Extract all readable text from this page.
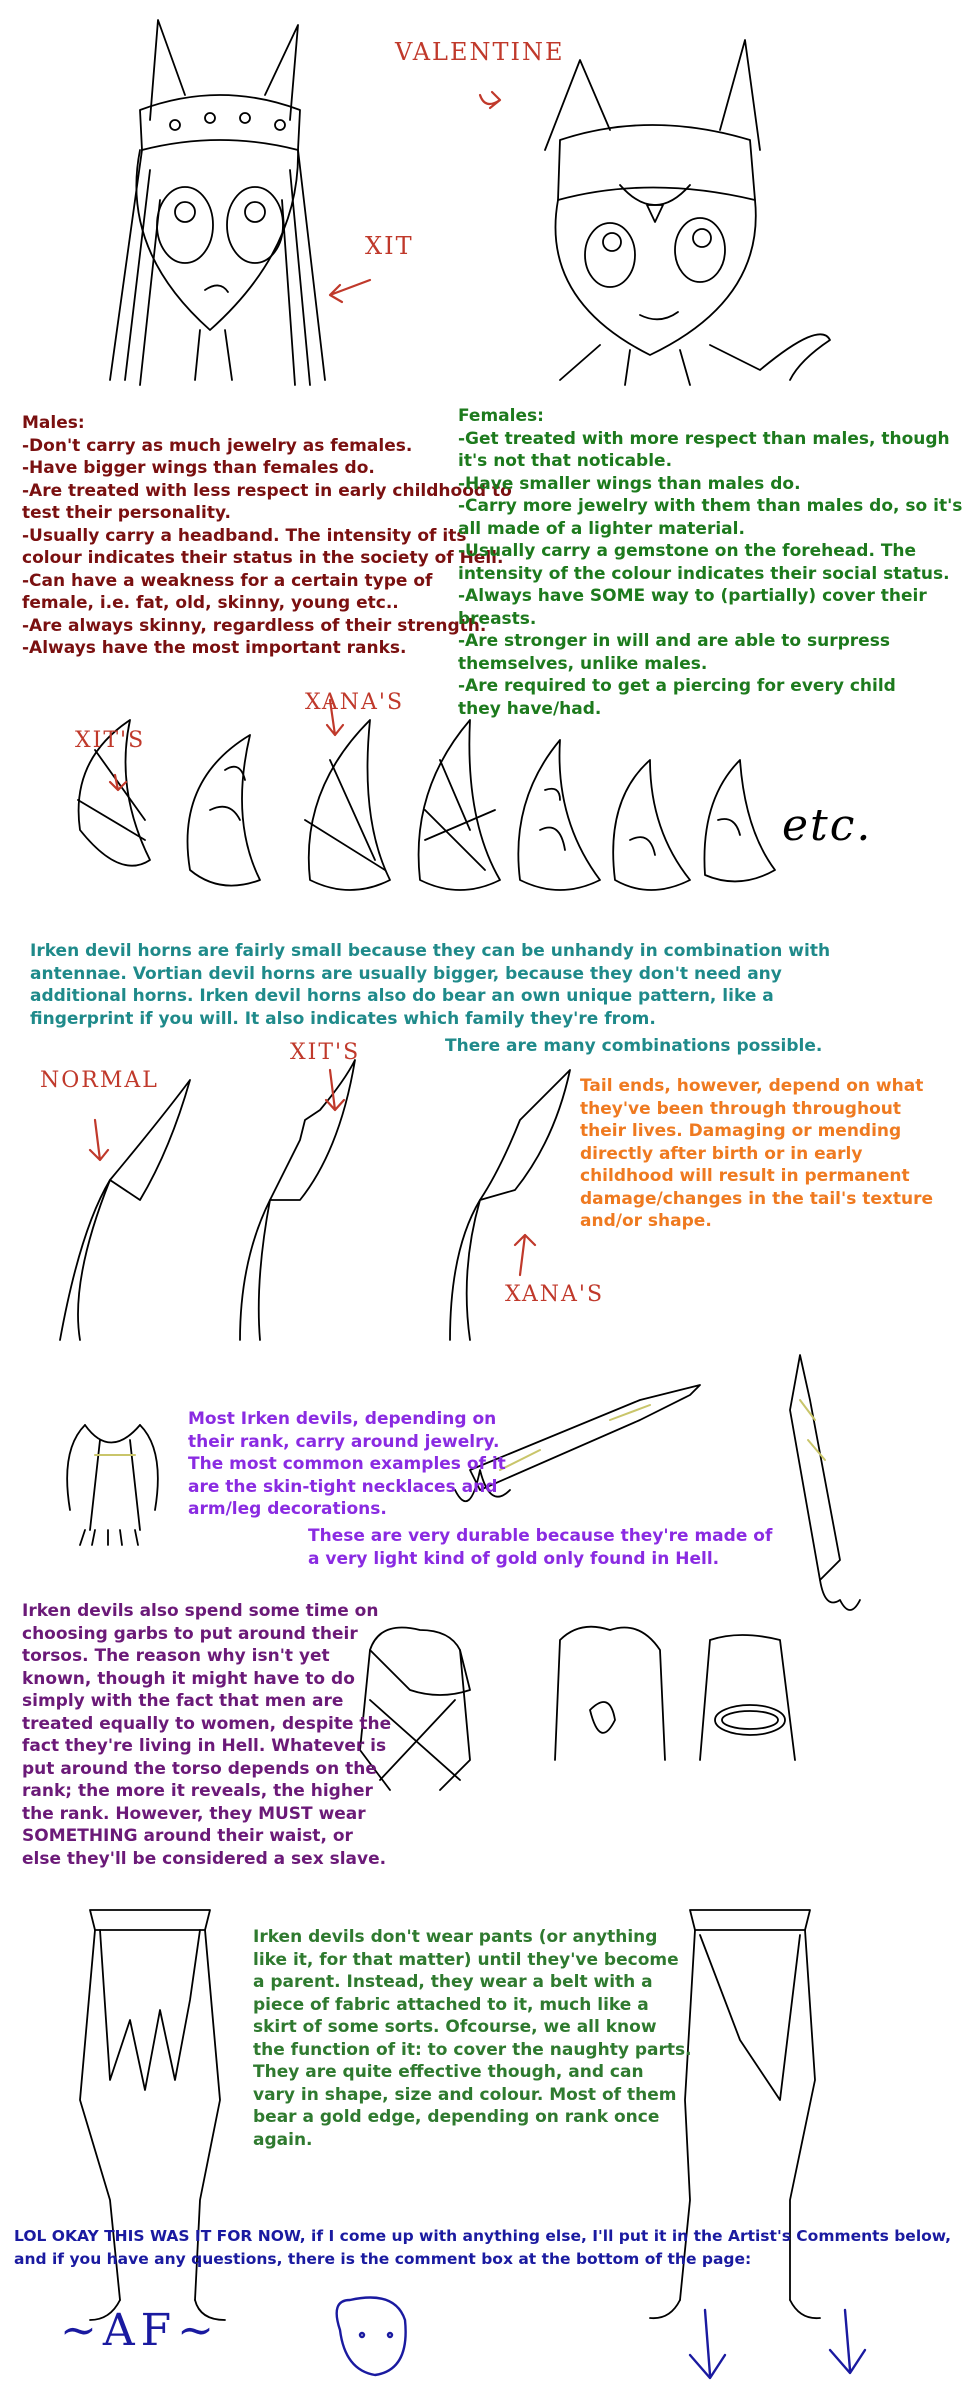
VALENTINE
XIT
XIT'S
XANA'S
etc.
NORMAL
XIT'S
XANA'S
Males:
-Don't carry as much jewelry as females.
-Have bigger wings than females do.
-Are treated with less respect in early childhood to
test their personality.
-Usually carry a headband. The intensity of its
colour indicates their status in the society of Hell.
-Can have a weakness for a certain type of
female, i.e. fat, old, skinny, young etc..
-Are always skinny, regardless of their strength.
-Always have the most important ranks.
Females:
-Get treated with more respect than males, though
it's not that noticable.
-Have smaller wings than males do.
-Carry more jewelry with them than males do, so it's
all made of a lighter material.
-Usually carry a gemstone on the forehead. The
intensity of the colour indicates their social status.
-Always have SOME way to (partially) cover their
breasts.
-Are stronger in will and are able to surpress
themselves, unlike males.
-Are required to get a piercing for every child
they have/had.
Irken devil horns are fairly small because they can be unhandy in combination with
antennae. Vortian devil horns are usually bigger, because they don't need any
additional horns. Irken devil horns also do bear an own unique pattern, like a
fingerprint if you will. It also indicates which family they're from.
There are many combinations possible.
Tail ends, however, depend on what
they've been through throughout
their lives. Damaging or mending
directly after birth or in early
childhood will result in permanent
damage/changes in the tail's texture
and/or shape.
Most Irken devils, depending on
their rank, carry around jewelry.
The most common examples of it
are the skin-tight necklaces and
arm/leg decorations.
These are very durable because they're made of
a very light kind of gold only found in Hell.
Irken devils also spend some time on
choosing garbs to put around their
torsos. The reason why isn't yet
known, though it might have to do
simply with the fact that men are
treated equally to women, despite the
fact they're living in Hell. Whatever is
put around the torso depends on the
rank; the more it reveals, the higher
the rank. However, they MUST wear
SOMETHING around their waist, or
else they'll be considered a sex slave.
Irken devils don't wear pants (or anything
like it, for that matter) until they've become
a parent. Instead, they wear a belt with a
piece of fabric attached to it, much like a
skirt of some sorts. Ofcourse, we all know
the function of it: to cover the naughty parts.
They are quite effective though, and can
vary in shape, size and colour. Most of them
bear a gold edge, depending on rank once
again.
LOL OKAY THIS WAS IT FOR NOW, if I come up with anything else, I'll put it in the Artist's Comments below,
and if you have any questions, there is the comment box at the bottom of the page:
~AF~
